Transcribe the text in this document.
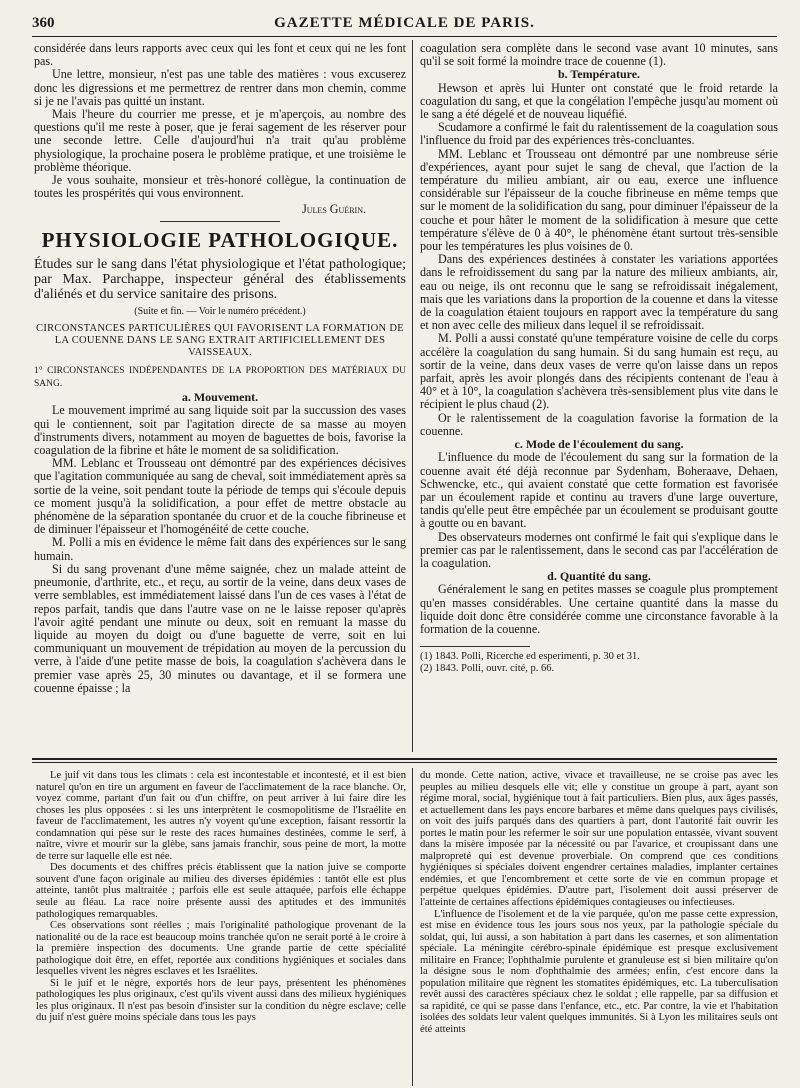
360	GAZETTE MÉDICALE DE PARIS.

considérée dans leurs rapports avec ceux qui les font et ceux qui ne les font pas.

Une lettre, monsieur, n'est pas une table des matières : vous excuserez donc les digressions et me permettrez de rentrer dans mon chemin, comme si je ne l'avais pas quitté un instant.

Mais l'heure du courrier me presse, et je m'aperçois, au nombre des questions qu'il me reste à poser, que je ferai sagement de les réserver pour une seconde lettre. Celle d'aujourd'hui n'a trait qu'au problème physiologique, la prochaine posera le problème pratique, et une troisième le problème théorique.

Je vous souhaite, monsieur et très-honoré collègue, la continuation de toutes les prospérités qui vous environnent.

Jules Guérin.
PHYSIOLOGIE PATHOLOGIQUE.

Études sur le sang dans l'état physiologique et l'état pathologique; par Max. Parchappe, inspecteur général des établissements d'aliénés et du service sanitaire des prisons.

(Suite et fin. — Voir le numéro précédent.)
CIRCONSTANCES PARTICULIÈRES QUI FAVORISENT LA FORMATION DE LA COUENNE DANS LE SANG EXTRAIT ARTIFICIELLEMENT DES VAISSEAUX.

1° CIRCONSTANCES INDÉPENDANTES DE LA PROPORTION DES MATÉRIAUX DU SANG.

a. Mouvement.

Le mouvement imprimé au sang liquide soit par la succussion des vases qui le contiennent, soit par l'agitation directe de sa masse au moyen d'instruments divers, notamment au moyen de baguettes de bois, favorise la coagulation de la fibrine et hâte le moment de sa solidification.

MM. Leblanc et Trousseau ont démontré par des expériences décisives que l'agitation communiquée au sang de cheval, soit immédiatement après sa sortie de la veine, soit pendant toute la période de temps qui s'écoule depuis ce moment jusqu'à la solidification, a pour effet de mettre obstacle au phénomène de la séparation spontanée du cruor et de la couche fibrineuse et de diminuer l'épaisseur et l'homogénéité de cette couche.

M. Polli a mis en évidence le même fait dans des expériences sur le sang humain.

Si du sang provenant d'une même saignée, chez un malade atteint de pneumonie, d'arthrite, etc., et reçu, au sortir de la veine, dans deux vases de verre semblables, est immédiatement laissé dans l'un de ces vases à l'état de repos parfait, tandis que dans l'autre vase on ne le laisse reposer qu'après l'avoir agité pendant une minute ou deux, soit en remuant la masse du liquide au moyen du doigt ou d'une baguette de verre, soit en lui communiquant un mouvement de trépidation au moyen de la percussion du verre, à l'aide d'une petite masse de bois, la coagulation s'achèvera dans le premier vase après 25, 30 minutes ou davantage, et il se formera une couenne épaisse ; la

coagulation sera complète dans le second vase avant 10 minutes, sans qu'il se soit formé la moindre trace de couenne (1).

b. Température.

Hewson et après lui Hunter ont constaté que le froid retarde la coagulation du sang, et que la congélation l'empêche jusqu'au moment où le sang a été dégelé et de nouveau liquéfié.

Scudamore a confirmé le fait du ralentissement de la coagulation sous l'influence du froid par des expériences très-concluantes.

MM. Leblanc et Trousseau ont démontré par une nombreuse série d'expériences, ayant pour sujet le sang de cheval, que l'action de la température du milieu ambiant, air ou eau, exerce une influence considérable sur l'épaisseur de la couche fibrineuse en même temps que sur le moment de la solidification du sang, pour diminuer l'épaisseur de la couche et pour hâter le moment de la solidification à mesure que cette température s'élève de 0 à 40°, le phénomène étant surtout très-sensible pour les températures les plus voisines de 0.

Dans des expériences destinées à constater les variations apportées dans le refroidissement du sang par la nature des milieux ambiants, air, eau ou neige, ils ont reconnu que le sang se refroidissait inégalement, mais que les variations dans la proportion de la couenne et dans la vitesse de la coagulation étaient toujours en rapport avec la température du sang et non avec celle des milieux dans lequel il se refroidissait.

M. Polli a aussi constaté qu'une température voisine de celle du corps accélère la coagulation du sang humain. Si du sang humain est reçu, au sortir de la veine, dans deux vases de verre qu'on laisse dans un repos parfait, après les avoir plongés dans des récipients contenant de l'eau à 40° et à 10°, la coagulation s'achèvera très-sensiblement plus vite dans le récipient le plus chaud (2).

Or le ralentissement de la coagulation favorise la formation de la couenne.

c. Mode de l'écoulement du sang.

L'influence du mode de l'écoulement du sang sur la formation de la couenne avait été déjà reconnue par Sydenham, Boheraave, Dehaen, Schwencke, etc., qui avaient constaté que cette formation est favorisée par un écoulement rapide et continu au travers d'une large ouverture, tandis qu'elle peut être empêchée par un écoulement se produisant goutte à goutte ou en bavant.

Des observateurs modernes ont confirmé le fait qui s'explique dans le premier cas par le ralentissement, dans le second cas par l'accélération de la coagulation.

d. Quantité du sang.

Généralement le sang en petites masses se coagule plus promptement qu'en masses considérables. Une certaine quantité dans la masse du liquide doit donc être considérée comme une circonstance favorable à la formation de la couenne.

(1) 1843. Polli, Ricerche ed esperimenti, p. 30 et 31.

(2) 1843. Polli, ouvr. cité, p. 66.

Le juif vit dans tous les climats : cela est incontestable et incontesté, et il est bien naturel qu'on en tire un argument en faveur de l'acclimatement de la race blanche. Or, voyez comme, partant d'un fait ou d'un chiffre, on peut arriver à lui faire dire les choses les plus opposées : si les uns interprètent le cosmopolitisme de l'Israélite en faveur de l'acclimatement, les autres n'y voyent qu'une exception, faisant ressortir la condamnation qui pèse sur le reste des races humaines destinées, comme le serf, à naître, vivre et mourir sur la glèbe, sans jamais franchir, sous peine de mort, la motte de terre sur laquelle elle est née.

Des documents et des chiffres précis établissent que la nation juive se comporte souvent d'une façon originale au milieu des diverses épidémies : tantôt elle est plus atteinte, tantôt plus maltraitée ; parfois elle est seule attaquée, parfois elle échappe seule au fléau. La race noire présente aussi des aptitudes et des immunités pathologiques remarquables.

Ces observations sont réelles ; mais l'originalité pathologique provenant de la nationalité ou de la race est beaucoup moins tranchée qu'on ne serait porté à le croire à la première inspection des documents. Une grande partie de cette spécialité pathologique doit être, en effet, reportée aux conditions hygiéniques et sociales dans lesquelles vivent les nègres esclaves et les Israélites.

Si le juif et le nègre, exportés hors de leur pays, présentent les phénomènes pathologiques les plus originaux, c'est qu'ils vivent aussi dans des milieux hygiéniques les plus originaux. Il n'est pas besoin d'insister sur la condition du nègre esclave; celle du juif n'est guère moins spéciale dans tous les pays

du monde. Cette nation, active, vivace et travailleuse, ne se croise pas avec les peuples au milieu desquels elle vit; elle y constitue un groupe à part, ayant son régime moral, social, hygiénique tout à fait particuliers. Bien plus, aux âges passés, et actuellement dans les pays encore barbares et même dans quelques pays civilisés, on voit des juifs parqués dans des quartiers à part, dont l'autorité fait ouvrir les portes le matin pour les refermer le soir sur une population entassée, vivant souvent dans la misère imposée par la nécessité ou par l'avarice, et croupissant dans une malpropreté qui est devenue proverbiale. On comprend que ces conditions hygiéniques si spéciales doivent engendrer certaines maladies, implanter certaines endémies, et que l'encombrement et cette sorte de vie en commun propage et perpétue quelques épidémies. D'autre part, l'isolement doit aussi préserver de l'atteinte de certaines affections épidémiques contagieuses ou infectieuses.

L'influence de l'isolement et de la vie parquée, qu'on me passe cette expression, est mise en évidence tous les jours sous nos yeux, par la pathologie spéciale du soldat, qui, lui aussi, a son habitation à part dans les casernes, et son alimentation spéciale. La méningite cérébro-spinale épidémique est presque exclusivement militaire en France; l'ophthalmie purulente et granuleuse est si bien militaire qu'on la désigne sous le nom d'ophthalmie des armées; enfin, c'est encore dans la population militaire que règnent les stomatites épidémiques, etc. La tuberculisation revêt aussi des caractères spéciaux chez le soldat ; elle rappelle, par sa diffusion et sa rapidité, ce qui se passe dans l'enfance, etc., etc. Par contre, la vie et l'habitation isolées des soldats leur valent quelques immunités. Si à Lyon les militaires seuls ont été atteints
